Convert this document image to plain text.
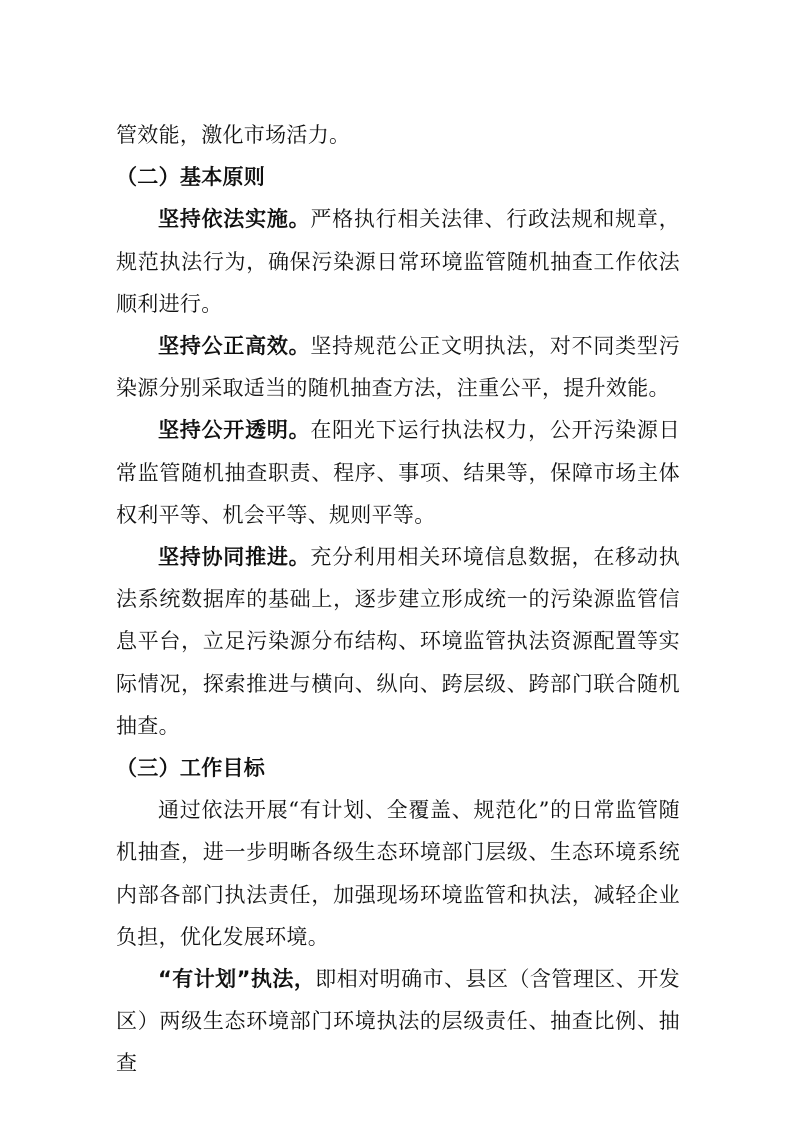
管效能，激化市场活力。

（二）基本原则

坚持依法实施。严格执行相关法律、行政法规和规章，规范执法行为，确保污染源日常环境监管随机抽查工作依法顺利进行。

坚持公正高效。坚持规范公正文明执法，对不同类型污染源分别采取适当的随机抽查方法，注重公平，提升效能。

坚持公开透明。在阳光下运行执法权力，公开污染源日常监管随机抽查职责、程序、事项、结果等，保障市场主体权利平等、机会平等、规则平等。

坚持协同推进。充分利用相关环境信息数据，在移动执法系统数据库的基础上，逐步建立形成统一的污染源监管信息平台，立足污染源分布结构、环境监管执法资源配置等实际情况，探索推进与横向、纵向、跨层级、跨部门联合随机抽查。

（三）工作目标

通过依法开展“有计划、全覆盖、规范化”的日常监管随机抽查，进一步明晰各级生态环境部门层级、生态环境系统内部各部门执法责任，加强现场环境监管和执法，减轻企业负担，优化发展环境。

“有计划”执法，即相对明确市、县区（含管理区、开发区）两级生态环境部门环境执法的层级责任、抽查比例、抽查
